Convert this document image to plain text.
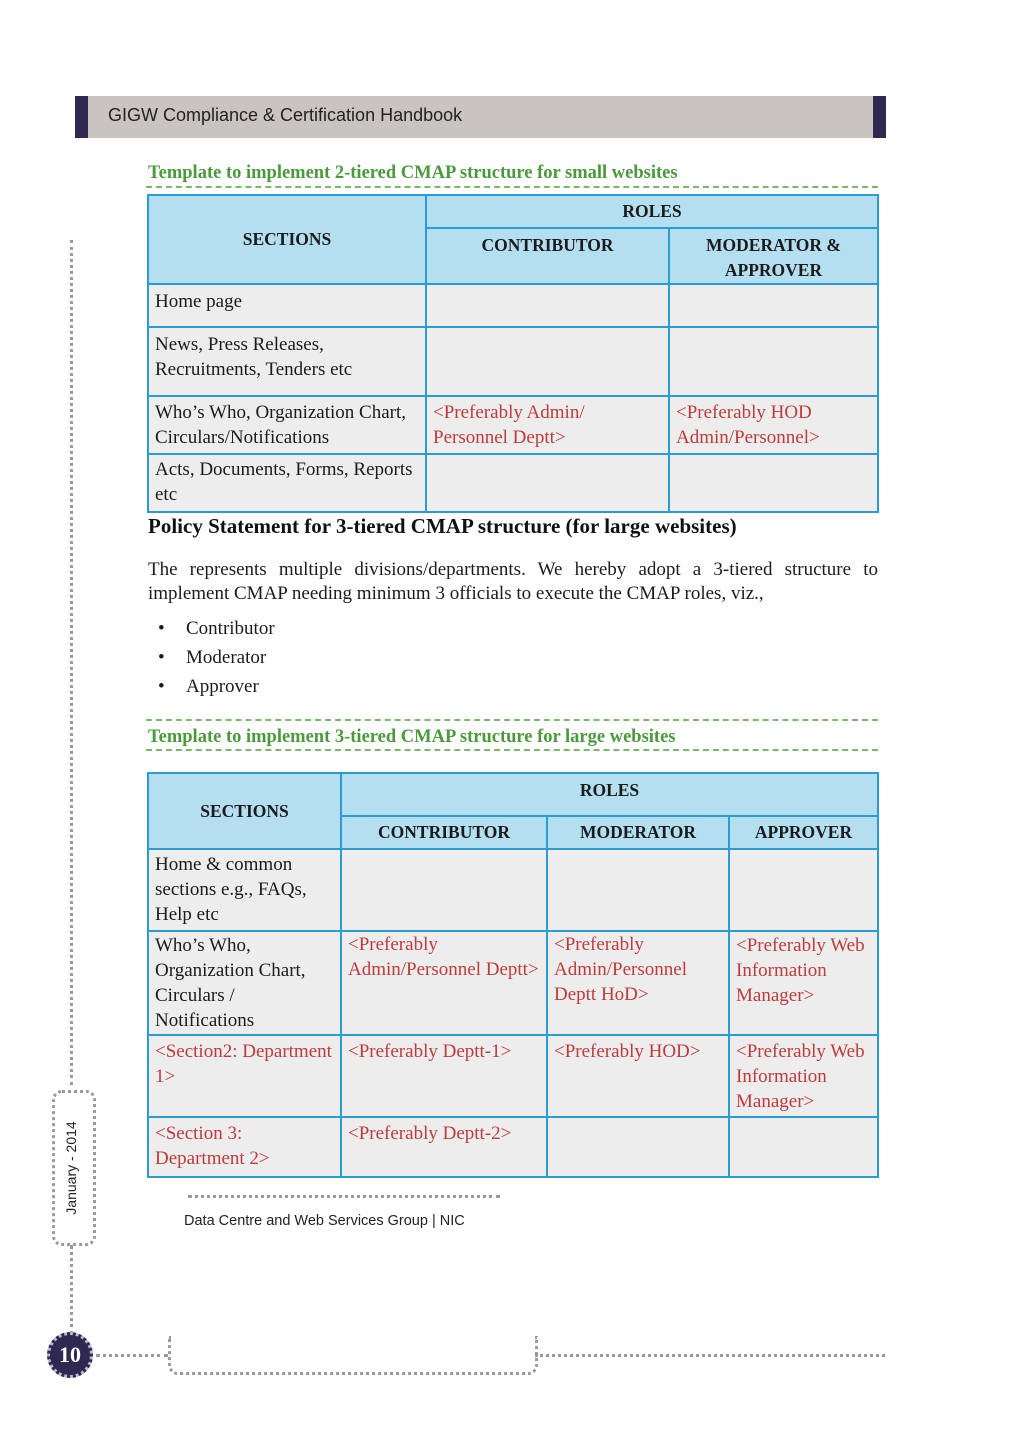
GIGW Compliance & Certification Handbook
Template to implement 2-tiered CMAP structure for small websites
SECTIONS	ROLES	
	CONTRIBUTOR	MODERATOR & APPROVER
Home page		
News, Press Releases, Recruitments, Tenders etc		
Who’s Who, Organization Chart, Circulars/Notifications	<Preferably Admin/ Personnel Deptt>	<Preferably HOD Admin/Personnel>
Acts, Documents, Forms, Reports etc		
Policy Statement for 3-tiered CMAP structure (for large websites)
The represents multiple divisions/departments. We hereby adopt a 3-tiered structure to implement CMAP needing minimum 3 officials to execute the CMAP roles, viz.,
• Contributor
• Moderator
• Approver
Template to implement 3-tiered CMAP structure for large websites
SECTIONS	ROLES		
	CONTRIBUTOR	MODERATOR	APPROVER
Home & common sections e.g., FAQs, Help etc			
Who’s Who, Organization Chart, Circulars / Notifications	<Preferably Admin/Personnel Deptt>	<Preferably Admin/Personnel Deptt HoD>	<Preferably Web Information Manager>
<Section2: Department 1>	<Preferably Deptt-1>	<Preferably HOD>	<Preferably Web Information Manager>
<Section 3: Department 2>	<Preferably Deptt-2>		
January - 2014
Data Centre and Web Services Group | NIC
10
